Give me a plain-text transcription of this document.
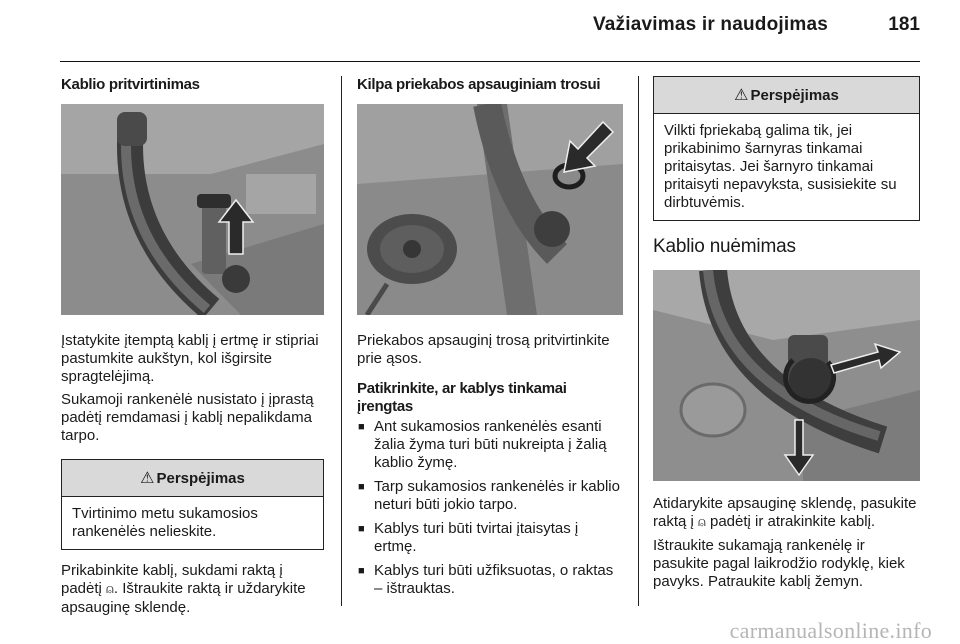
Važiavimas ir naudojimas	181
Kablio pritvirtinimas

Įstatykite įtemptą kablį į ertmę ir stipriai pastumkite aukštyn, kol išgirsite spragtelėjimą.

Sukamoji rankenėlė nusistato į įprastą padėtį remdamasi į kablį nepalikdama tarpo.

⚠ Perspėjimas
Tvirtinimo metu sukamosios rankenėlės nelieskite.

Prikabinkite kablį, sukdami raktą į padėtį ⍝. Ištraukite raktą ir uždarykite apsauginę sklendę.

Kilpa priekabos apsauginiam trosui

Priekabos apsauginį trosą pritvirtinkite prie ąsos.

Patikrinkite, ar kablys tinkamai įrengtas
■ Ant sukamosios rankenėlės esanti žalia žyma turi būti nukreipta į žalią kablio žymę.
■ Tarp sukamosios rankenėlės ir kablio neturi būti jokio tarpo.
■ Kablys turi būti tvirtai įtaisytas į ertmę.
■ Kablys turi būti užfiksuotas, o raktas – ištrauktas.
⚠ Perspėjimas
Vilkti fpriekabą galima tik, jei prikabinimo šarnyras tinkamai pritaisytas. Jei šarnyro tinkamai pritaisyti nepavyksta, susisiekite su dirbtuvėmis.
Kablio nuėmimas

Atidarykite apsauginę sklendę, pasukite raktą į ⍝ padėtį ir atrakinkite kablį.

Ištraukite sukamąją rankenėlę ir pasukite pagal laikrodžio rodyklę, kiek pavyks. Patraukite kablį žemyn.

carmanualsonline.info
